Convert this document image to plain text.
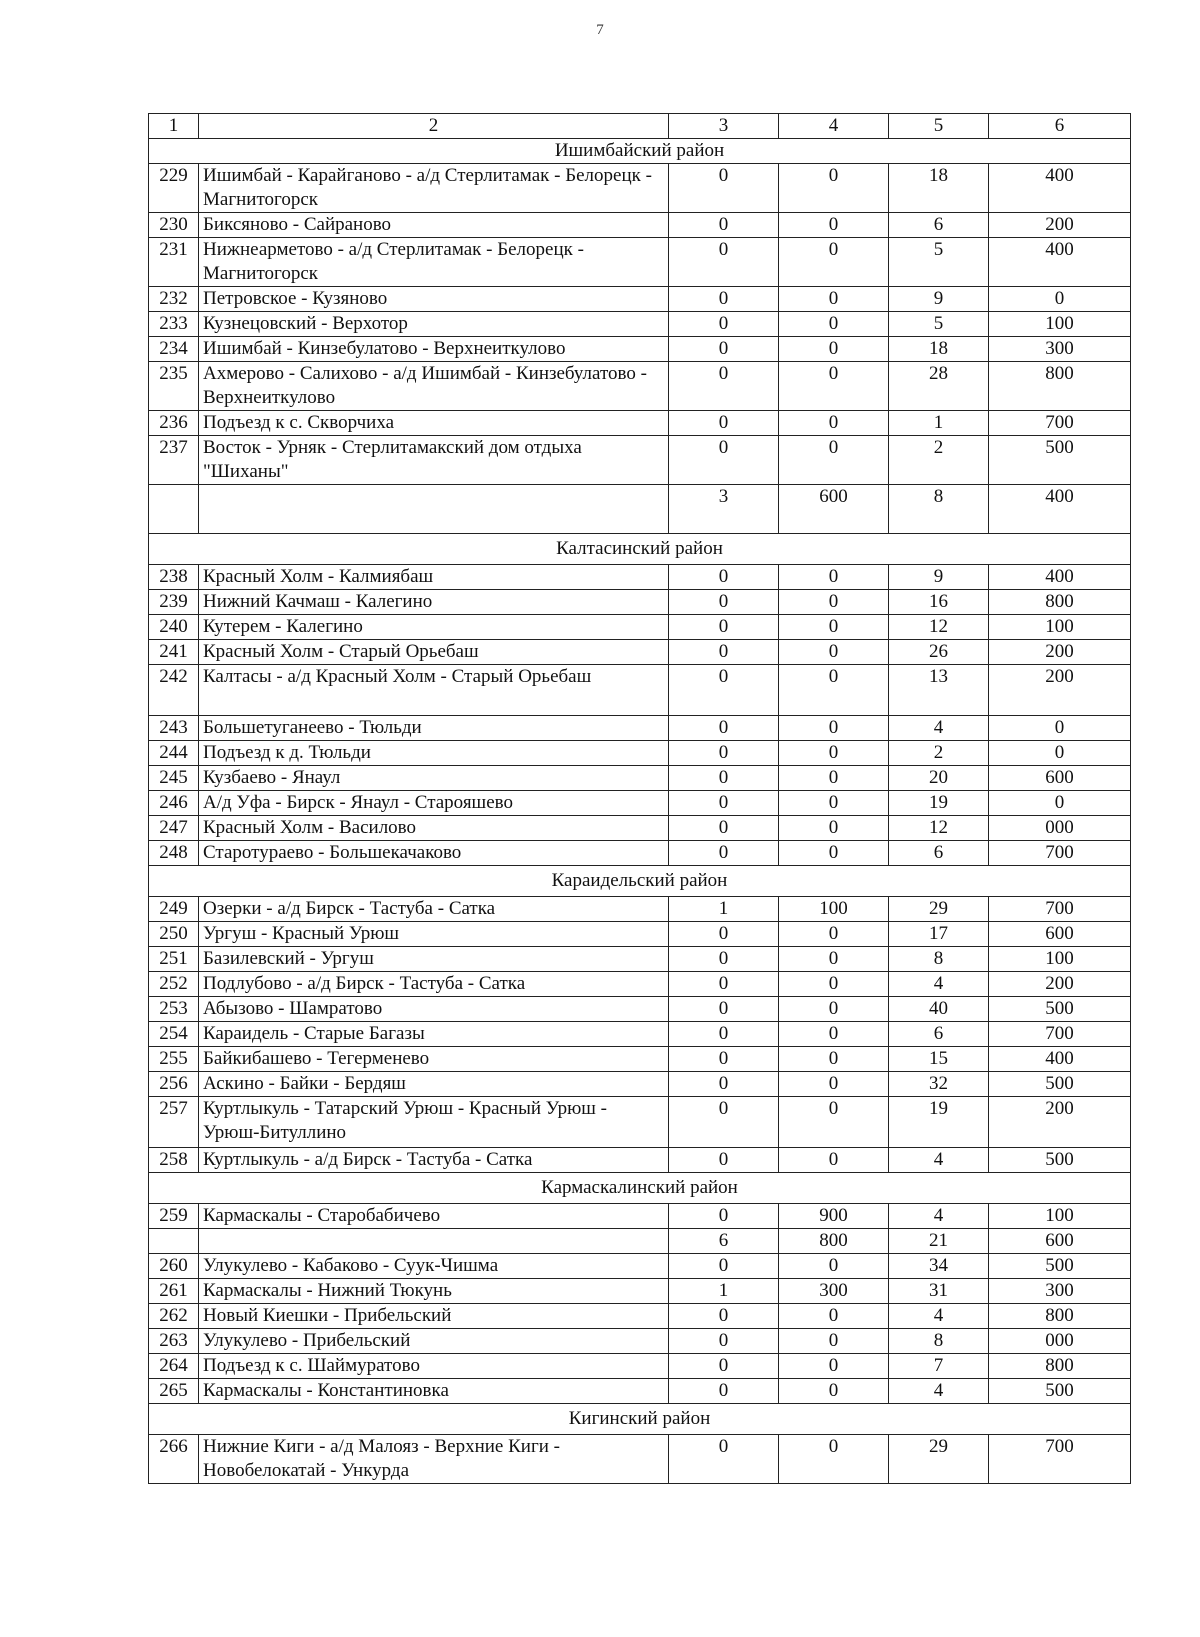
7
1	2	3	4	5	6
Ишимбайский район					
229	Ишимбай - Карайганово - а/д Стерлитамак - Белорецк - Магнитогорск	0	0	18	400
230	Биксяново - Сайраново	0	0	6	200
231	Нижнеарметово - а/д Стерлитамак - Белорецк - Магнитогорск	0	0	5	400
232	Петровское - Кузяново	0	0	9	0
233	Кузнецовский - Верхотор	0	0	5	100
234	Ишимбай - Кинзебулатово - Верхнеиткулово	0	0	18	300
235	Ахмерово - Салихово - а/д Ишимбай - Кинзебулатово - Верхнеиткулово	0	0	28	800
236	Подъезд к с. Скворчиха	0	0	1	700
237	Восток - Урняк - Стерлитамакский дом отдыха "Шиханы"	0	0	2	500
		3	600	8	400
Калтасинский район					
238	Красный Холм - Калмиябаш	0	0	9	400
239	Нижний Качмаш - Калегино	0	0	16	800
240	Кутерем - Калегино	0	0	12	100
241	Красный Холм - Старый Орьебаш	0	0	26	200
242	Калтасы - а/д Красный Холм - Старый Орьебаш	0	0	13	200
243	Большетуганеево - Тюльди	0	0	4	0
244	Подъезд к д. Тюльди	0	0	2	0
245	Кузбаево - Янаул	0	0	20	600
246	А/д Уфа - Бирск - Янаул - Старояшево	0	0	19	0
247	Красный Холм - Василово	0	0	12	000
248	Старотураево - Большекачаково	0	0	6	700
Караидельский район					
249	Озерки - а/д Бирск - Тастуба - Сатка	1	100	29	700
250	Ургуш - Красный Урюш	0	0	17	600
251	Базилевский - Ургуш	0	0	8	100
252	Подлубово - а/д Бирск - Тастуба - Сатка	0	0	4	200
253	Абызово - Шамратово	0	0	40	500
254	Караидель - Старые Багазы	0	0	6	700
255	Байкибашево - Тегерменево	0	0	15	400
256	Аскино - Байки - Бердяш	0	0	32	500
257	Куртлыкуль - Татарский Урюш - Красный Урюш - Урюш-Битуллино	0	0	19	200
258	Куртлыкуль - а/д Бирск - Тастуба - Сатка	0	0	4	500
Кармаскалинский район					
259	Кармаскалы - Старобабичево	0	900	4	100
		6	800	21	600
260	Улукулево - Кабаково - Суук-Чишма	0	0	34	500
261	Кармаскалы - Нижний Тюкунь	1	300	31	300
262	Новый Киешки - Прибельский	0	0	4	800
263	Улукулево - Прибельский	0	0	8	000
264	Подъезд к с. Шаймуратово	0	0	7	800
265	Кармаскалы - Константиновка	0	0	4	500
Кигинский район					
266	Нижние Киги - а/д Малояз - Верхние Киги - Новобелокатай - Ункурда	0	0	29	700
